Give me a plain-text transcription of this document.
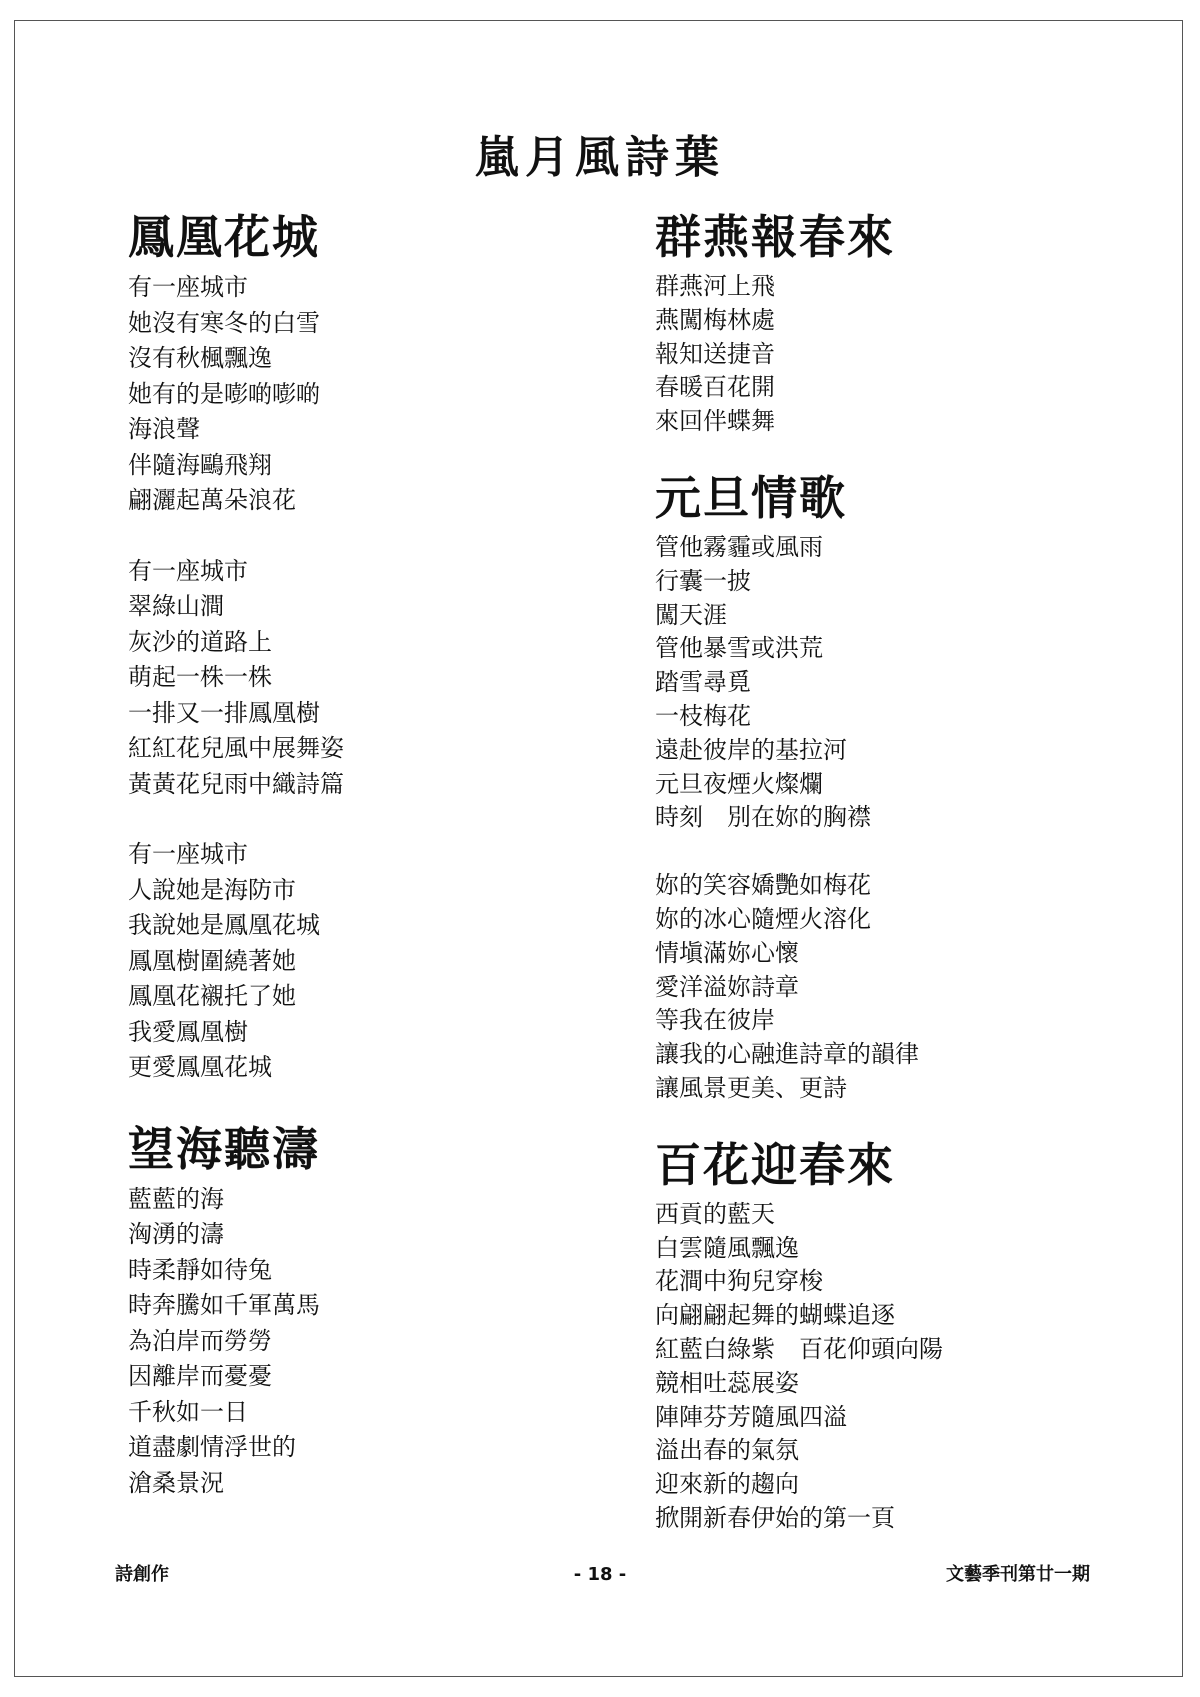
嵐月風詩葉
鳳凰花城
有一座城市
她沒有寒冬的白雪
沒有秋楓飄逸
她有的是嘭啲嘭啲
海浪聲
伴隨海鷗飛翔
翩灑起萬朵浪花
有一座城市
翠綠山澗
灰沙的道路上
萌起一株一株
一排又一排鳳凰樹
紅紅花兒風中展舞姿
黃黃花兒雨中織詩篇
有一座城市
人說她是海防市
我說她是鳳凰花城
鳳凰樹圍繞著她
鳳凰花襯托了她
我愛鳳凰樹
更愛鳳凰花城
望海聽濤
藍藍的海
洶湧的濤
時柔靜如待兔
時奔騰如千軍萬馬
為泊岸而勞勞
因離岸而憂憂
千秋如一日
道盡劇情浮世的
滄桑景況
群燕報春來
群燕河上飛
燕闖梅林處
報知送捷音
春暖百花開
來回伴蝶舞
元旦情歌
管他霧霾或風雨
行囊一披
闖天涯
管他暴雪或洪荒
踏雪尋覓
一枝梅花
遠赴彼岸的基拉河
元旦夜煙火燦爛
時刻　別在妳的胸襟
妳的笑容嬌艷如梅花
妳的冰心隨煙火溶化
情塡滿妳心懷
愛洋溢妳詩章
等我在彼岸
讓我的心融進詩章的韻律
讓風景更美、更詩
百花迎春來
西貢的藍天
白雲隨風飄逸
花澗中狗兒穿梭
向翩翩起舞的蝴蝶追逐
紅藍白綠紫　百花仰頭向陽
競相吐蕊展姿
陣陣芬芳隨風四溢
溢出春的氣氛
迎來新的趨向
掀開新春伊始的第一頁
詩創作	- 18 -	文藝季刊第廿一期
